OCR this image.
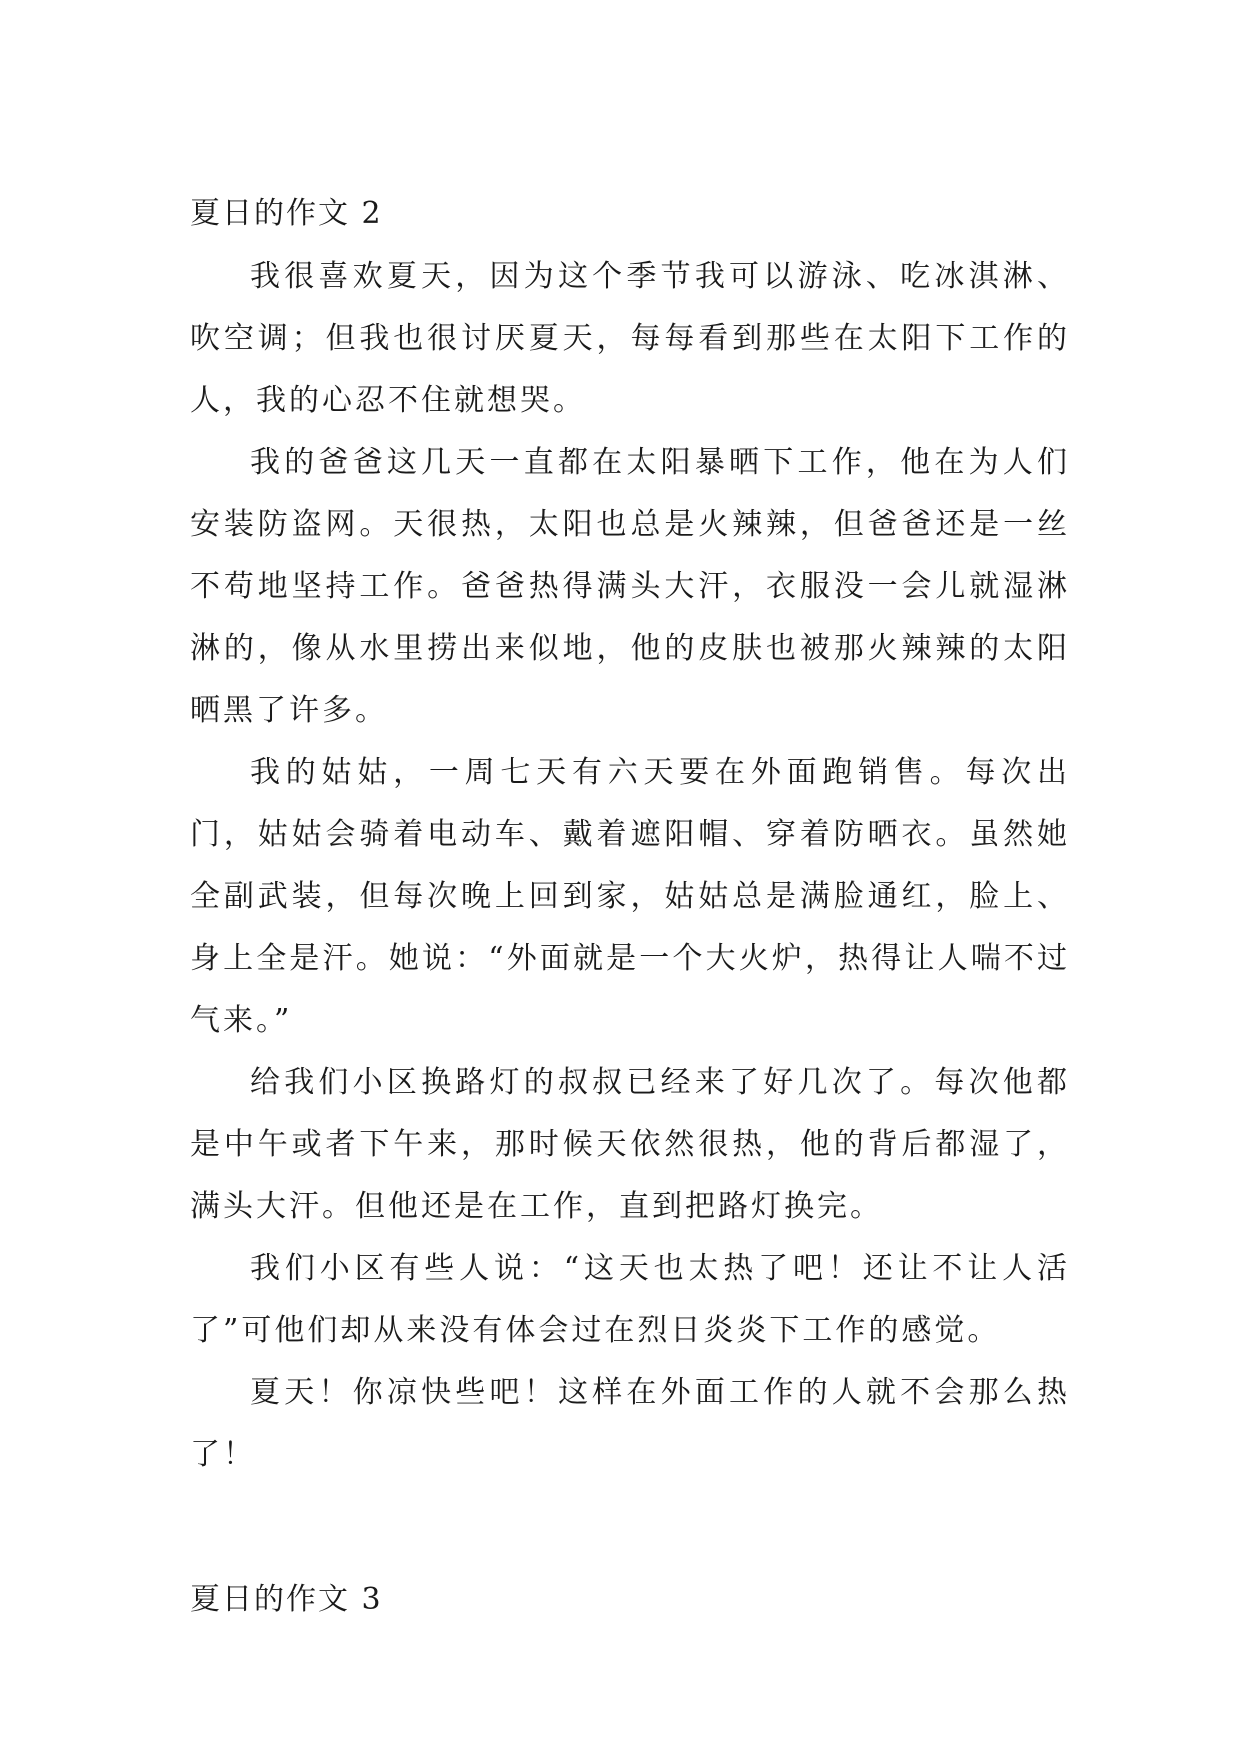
夏日的作文 2

我很喜欢夏天，因为这个季节我可以游泳、吃冰淇淋、吹空调；但我也很讨厌夏天，每每看到那些在太阳下工作的人，我的心忍不住就想哭。

我的爸爸这几天一直都在太阳暴晒下工作，他在为人们安装防盗网。天很热，太阳也总是火辣辣，但爸爸还是一丝不苟地坚持工作。爸爸热得满头大汗，衣服没一会儿就湿淋淋的，像从水里捞出来似地，他的皮肤也被那火辣辣的太阳晒黑了许多。

我的姑姑，一周七天有六天要在外面跑销售。每次出门，姑姑会骑着电动车、戴着遮阳帽、穿着防晒衣。虽然她全副武装，但每次晚上回到家，姑姑总是满脸通红，脸上、身上全是汗。她说：“外面就是一个大火炉，热得让人喘不过气来。”

给我们小区换路灯的叔叔已经来了好几次了。每次他都是中午或者下午来，那时候天依然很热，他的背后都湿了，满头大汗。但他还是在工作，直到把路灯换完。

我们小区有些人说：“这天也太热了吧！还让不让人活了”可他们却从来没有体会过在烈日炎炎下工作的感觉。

夏天！你凉快些吧！这样在外面工作的人就不会那么热了！

夏日的作文 3
